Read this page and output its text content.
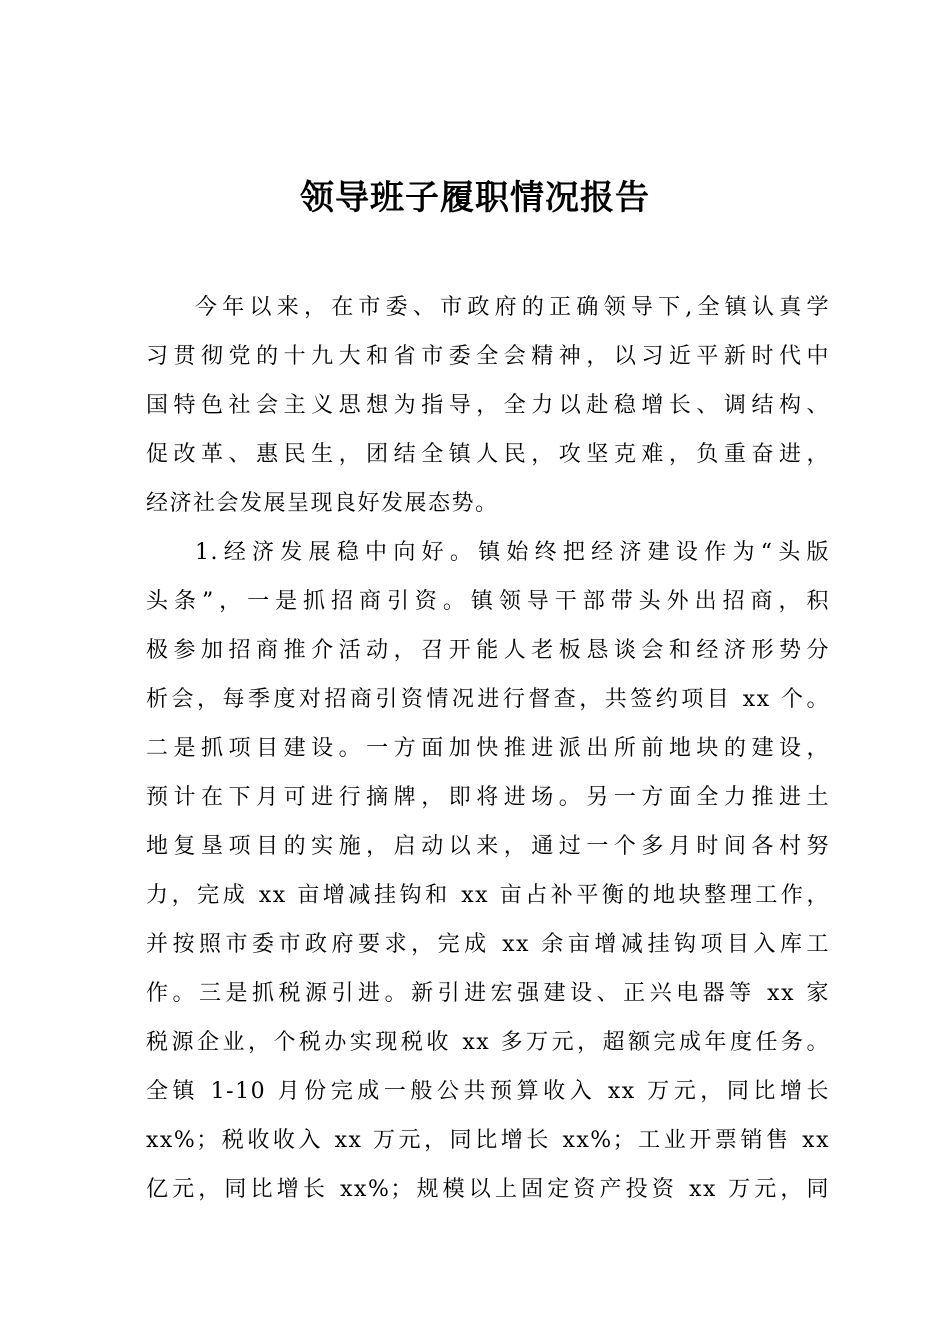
领导班子履职情况报告
今年以来，在市委、市政府的正确领导下,全镇认真学
习贯彻党的十九大和省市委全会精神，以习近平新时代中
国特色社会主义思想为指导，全力以赴稳增长、调结构、
促改革、惠民生，团结全镇人民，攻坚克难，负重奋进，
经济社会发展呈现良好发展态势。
1.经济发展稳中向好。镇始终把经济建设作为“头版
头条”，一是抓招商引资。镇领导干部带头外出招商，积
极参加招商推介活动，召开能人老板恳谈会和经济形势分
析会，每季度对招商引资情况进行督查，共签约项目 xx 个。
二是抓项目建设。一方面加快推进派出所前地块的建设，
预计在下月可进行摘牌，即将进场。另一方面全力推进土
地复垦项目的实施，启动以来，通过一个多月时间各村努
力，完成 xx 亩增减挂钩和 xx 亩占补平衡的地块整理工作，
并按照市委市政府要求，完成 xx 余亩增减挂钩项目入库工
作。三是抓税源引进。新引进宏强建设、正兴电器等 xx 家
税源企业，个税办实现税收 xx 多万元，超额完成年度任务。
全镇 1-10 月份完成一般公共预算收入 xx 万元，同比增长
xx%；税收收入 xx 万元，同比增长 xx%；工业开票销售 xx
亿元，同比增长 xx%；规模以上固定资产投资 xx 万元，同
